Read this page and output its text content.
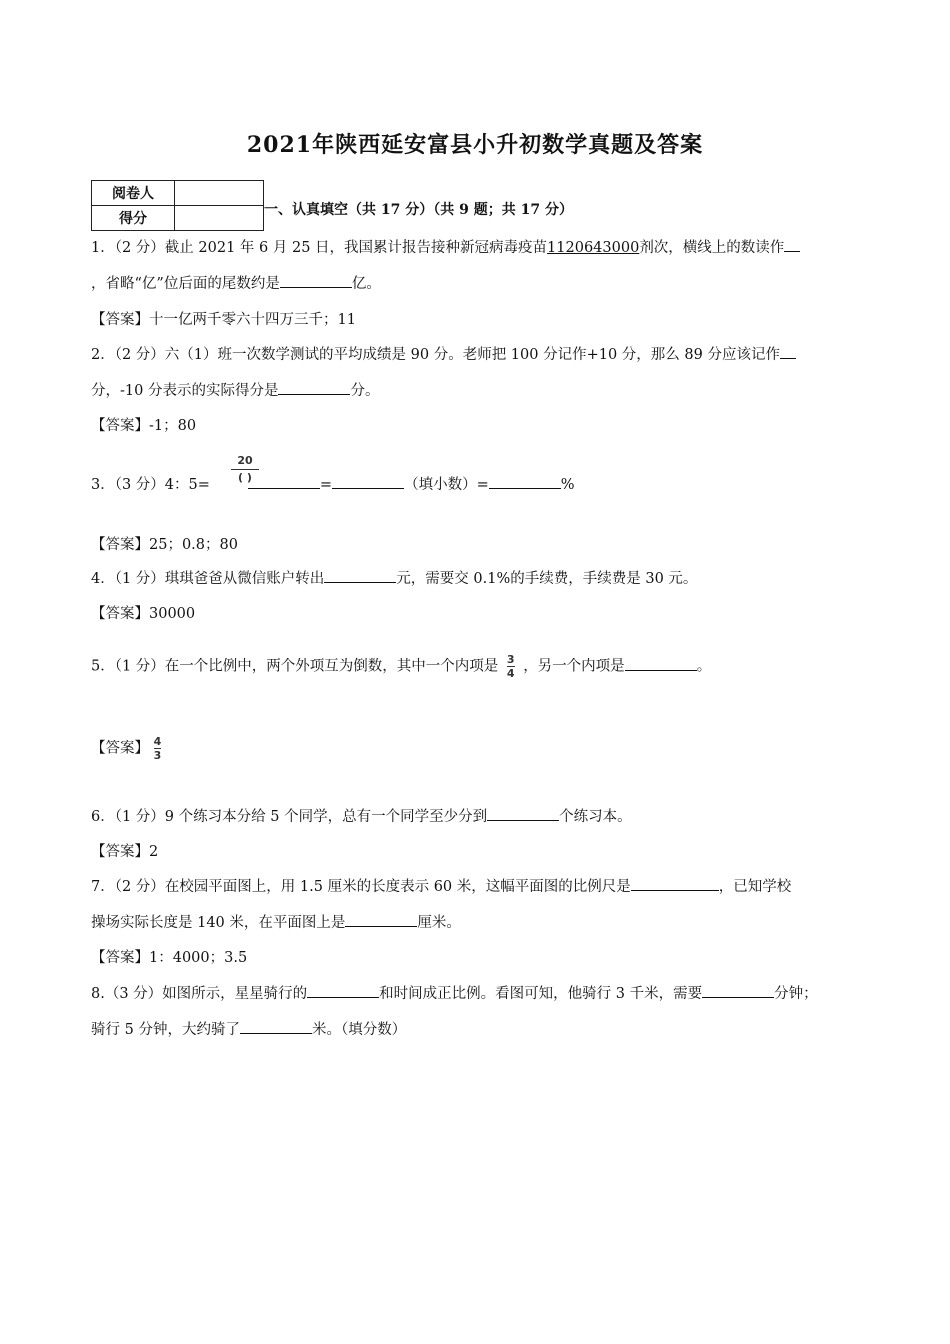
2021年陕西延安富县小升初数学真题及答案
阅卷人	
得分	
一、认真填空（共 17 分）（共 9 题；共 17 分）
1．（2 分）截止 2021 年 6 月 25 日，我国累计报告接种新冠病毒疫苗1120643000剂次，横线上的数读作
，省略“亿”位后面的尾数约是	亿。
【答案】十一亿两千零六十四万三千；11
2．（2 分）六（1）班一次数学测试的平均成绩是 90 分。老师把 100 分记作+10 分，那么 89 分应该记作
分，-10 分表示的实际得分是	分。
【答案】-1；80
20
( )
3．（3 分）4：5=	=	（填小数）=	%
【答案】25；0.8；80
4．（1 分）琪琪爸爸从微信账户转出	元，需要交 0.1%的手续费，手续费是 30 元。
【答案】30000
5．（1 分）在一个比例中，两个外项互为倒数，其中一个内项是 $\frac{3}{4}$ ，另一个内项是	。
【答案】 $\frac{4}{3}$
6．（1 分）9 个练习本分给 5 个同学，总有一个同学至少分到	个练习本。
【答案】2
7．（2 分）在校园平面图上，用 1.5 厘米的长度表示 60 米，这幅平面图的比例尺是	，已知学校
操场实际长度是 140 米，在平面图上是	厘米。
【答案】1：4000；3.5
8.（3 分）如图所示，星星骑行的	和时间成正比例。看图可知，他骑行 3 千米，需要	分钟；
骑行 5 分钟，大约骑了	米。（填分数）
